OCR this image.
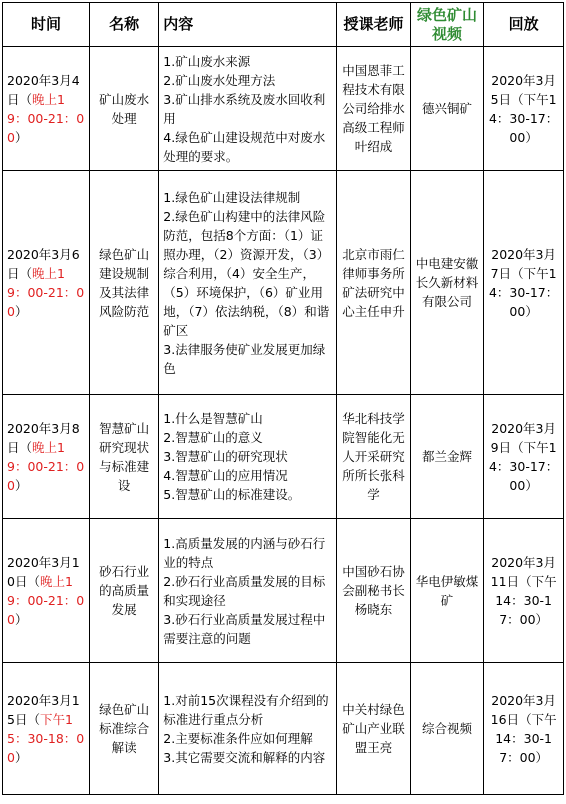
时间	名称	内容	授课老师	绿色矿山视频	回放
2020年3月4日（晚上19：00-21：00）	矿山废水处理	1.矿山废水来源
2.矿山废水处理方法
3.矿山排水系统及废水回收利用
4.绿色矿山建设规范中对废水处理的要求。	中国恩菲工程技术有限公司给排水高级工程师叶绍成	德兴铜矿	2020年3月5日（下午14：30-17：00）
2020年3月6日（晚上19：00-21：00）	绿色矿山建设规制及其法律风险防范	1.绿色矿山建设法律规制
2.绿色矿山构建中的法律风险防范，包括8个方面：（1）证照办理，（2）资源开发，（3）综合利用，（4）安全生产，（5）环境保护，（6）矿业用地，（7）依法纳税，（8）和谐矿区
3.法律服务使矿业发展更加绿色	北京市雨仁律师事务所矿法研究中心主任申升	中电建安徽长久新材料有限公司	2020年3月7日（下午14：30-17：00）
2020年3月8日（晚上19：00-21：00）	智慧矿山研究现状与标准建设	1.什么是智慧矿山
2.智慧矿山的意义
3.智慧矿山的研究现状
4.智慧矿山的应用情况
5.智慧矿山的标准建设。	华北科技学院智能化无人开采研究所所长张科学	都兰金辉	2020年3月9日（下午14：30-17：00）
2020年3月10日（晚上19：00-21：00）	砂石行业的高质量发展	1.高质量发展的内涵与砂石行业的特点
2.砂石行业高质量发展的目标和实现途径
3.砂石行业高质量发展过程中需要注意的问题	中国砂石协会副秘书长杨晓东	华电伊敏煤矿	2020年3月11日（下午14：30-17：00）
2020年3月15日（下午15：30-18：00）	绿色矿山标准综合解读	1.对前15次课程没有介绍到的标准进行重点分析
2.主要标准条件应如何理解
3.其它需要交流和解释的内容	中关村绿色矿山产业联盟王亮	综合视频	2020年3月16日（下午14：30-17：00）
